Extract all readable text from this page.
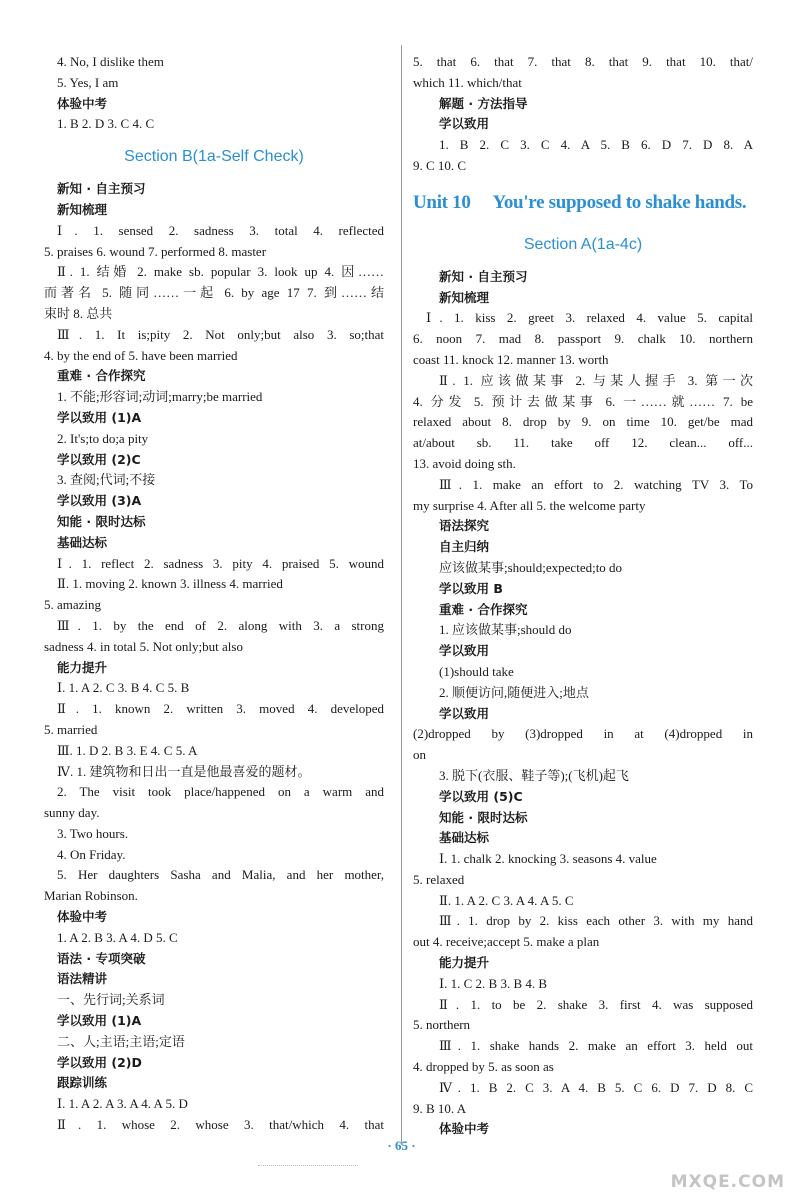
4. No, I dislike them
5. Yes, I am
体验中考
1. B 2. D 3. C 4. C
Section B(1a-Self Check)
新知 · 自主预习
新知梳理
Ⅰ. 1. sensed 2. sadness 3. total 4. reflected
5. praises 6. wound 7. performed 8. master
Ⅱ. 1. 结婚 2. make sb. popular 3. look up 4. 因……
而著名 5. 随同……一起 6. by age 17 7. 到……结
束时 8. 总共
Ⅲ. 1. It is;pity 2. Not only;but also 3. so;that
4. by the end of 5. have been married
重难 · 合作探究
1. 不能;形容词;动词;marry;be married
学以致用 (1)A
2. It's;to do;a pity
学以致用 (2)C
3. 查阅;代词;不接
学以致用 (3)A
知能 · 限时达标
基础达标
Ⅰ. 1. reflect 2. sadness 3. pity 4. praised 5. wound
Ⅱ. 1. moving 2. known 3. illness 4. married
5. amazing
Ⅲ. 1. by the end of 2. along with 3. a strong
sadness 4. in total 5. Not only;but also
能力提升
Ⅰ. 1. A 2. C 3. B 4. C 5. B
Ⅱ. 1. known 2. written 3. moved 4. developed
5. married
Ⅲ. 1. D 2. B 3. E 4. C 5. A
Ⅳ. 1. 建筑物和日出一直是他最喜爱的题材。
2. The visit took place/happened on a warm and
sunny day.
3. Two hours.
4. On Friday.
5. Her daughters Sasha and Malia, and her mother,
Marian Robinson.
体验中考
1. A 2. B 3. A 4. D 5. C
语法 · 专项突破
语法精讲
一、先行词;关系词
学以致用 (1)A
二、人;主语;主语;定语
学以致用 (2)D
跟踪训练
Ⅰ. 1. A 2. A 3. A 4. A 5. D
Ⅱ. 1. whose 2. whose 3. that/which 4. that
5. that 6. that 7. that 8. that 9. that 10. that/
which 11. which/that
解题 · 方法指导
学以致用
1. B 2. C 3. C 4. A 5. B 6. D 7. D 8. A
9. C 10. C
Unit 10 You're supposed to shake hands.
Section A(1a-4c)
新知 · 自主预习
新知梳理
Ⅰ. 1. kiss 2. greet 3. relaxed 4. value 5. capital
6. noon 7. mad 8. passport 9. chalk 10. northern
coast 11. knock 12. manner 13. worth
Ⅱ. 1. 应该做某事 2. 与某人握手 3. 第一次
4. 分发 5. 预计去做某事 6. 一……就…… 7. be
relaxed about 8. drop by 9. on time 10. get/be mad
at/about sb. 11. take off 12. clean... off...
13. avoid doing sth.
Ⅲ. 1. make an effort to 2. watching TV 3. To
my surprise 4. After all 5. the welcome party
语法探究
自主归纳
应该做某事;should;expected;to do
学以致用 B
重难 · 合作探究
1. 应该做某事;should do
学以致用
(1)should take
2. 顺便访问,随便进入;地点
学以致用
(2)dropped by (3)dropped in at (4)dropped in
on
3. 脱下(衣服、鞋子等);(飞机)起飞
学以致用 (5)C
知能 · 限时达标
基础达标
Ⅰ. 1. chalk 2. knocking 3. seasons 4. value
5. relaxed
Ⅱ. 1. A 2. C 3. A 4. A 5. C
Ⅲ. 1. drop by 2. kiss each other 3. with my hand
out 4. receive;accept 5. make a plan
能力提升
Ⅰ. 1. C 2. B 3. B 4. B
Ⅱ. 1. to be 2. shake 3. first 4. was supposed
5. northern
Ⅲ. 1. shake hands 2. make an effort 3. held out
4. dropped by 5. as soon as
Ⅳ. 1. B 2. C 3. A 4. B 5. C 6. D 7. D 8. C
9. B 10. A
体验中考
· 65 ·
MXQE.COM
